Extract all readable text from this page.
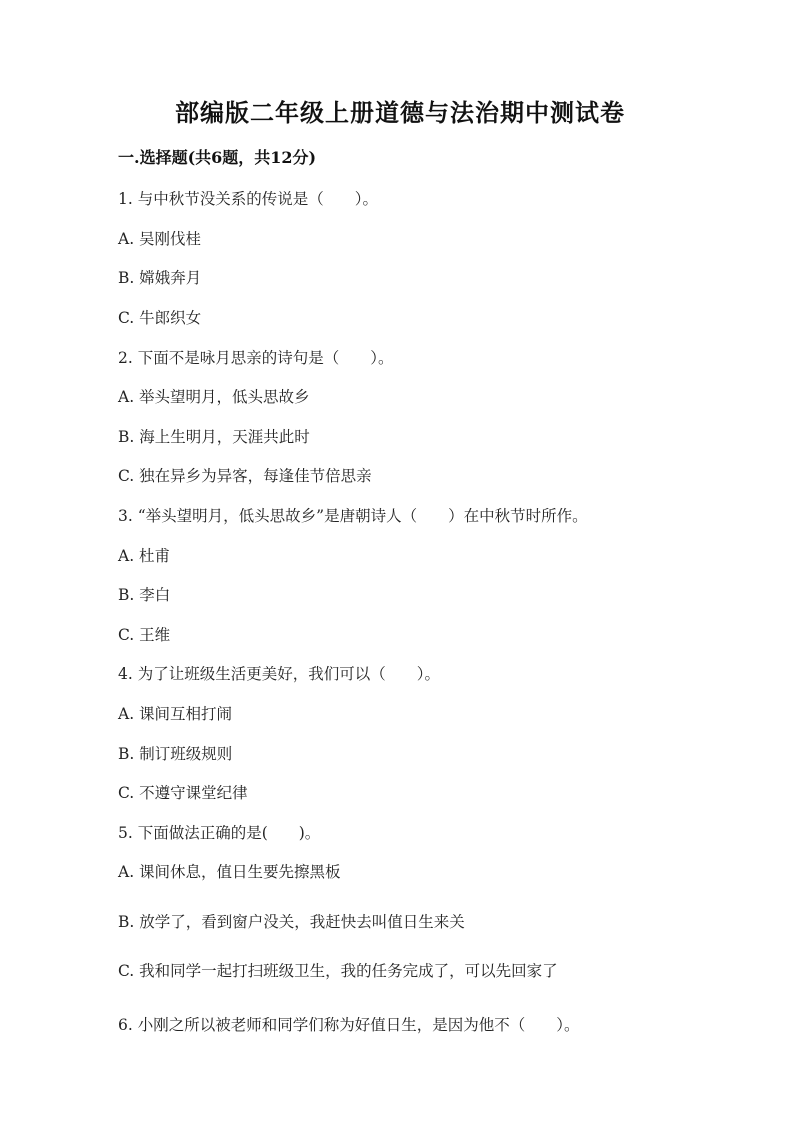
部编版二年级上册道德与法治期中测试卷
一.选择题(共6题，共12分)
1. 与中秋节没关系的传说是（　　）。
A. 吴刚伐桂
B. 嫦娥奔月
C. 牛郎织女
2. 下面不是咏月思亲的诗句是（　　）。
A. 举头望明月，低头思故乡
B. 海上生明月，天涯共此时
C. 独在异乡为异客，每逢佳节倍思亲
3. “举头望明月，低头思故乡”是唐朝诗人（　　）在中秋节时所作。
A. 杜甫
B. 李白
C. 王维
4. 为了让班级生活更美好，我们可以（　　）。
A. 课间互相打闹
B. 制订班级规则
C. 不遵守课堂纪律
5. 下面做法正确的是(　　)。
A. 课间休息，值日生要先擦黑板
B. 放学了，看到窗户没关，我赶快去叫值日生来关
C. 我和同学一起打扫班级卫生，我的任务完成了，可以先回家了
6. 小刚之所以被老师和同学们称为好值日生，是因为他不（　　）。
